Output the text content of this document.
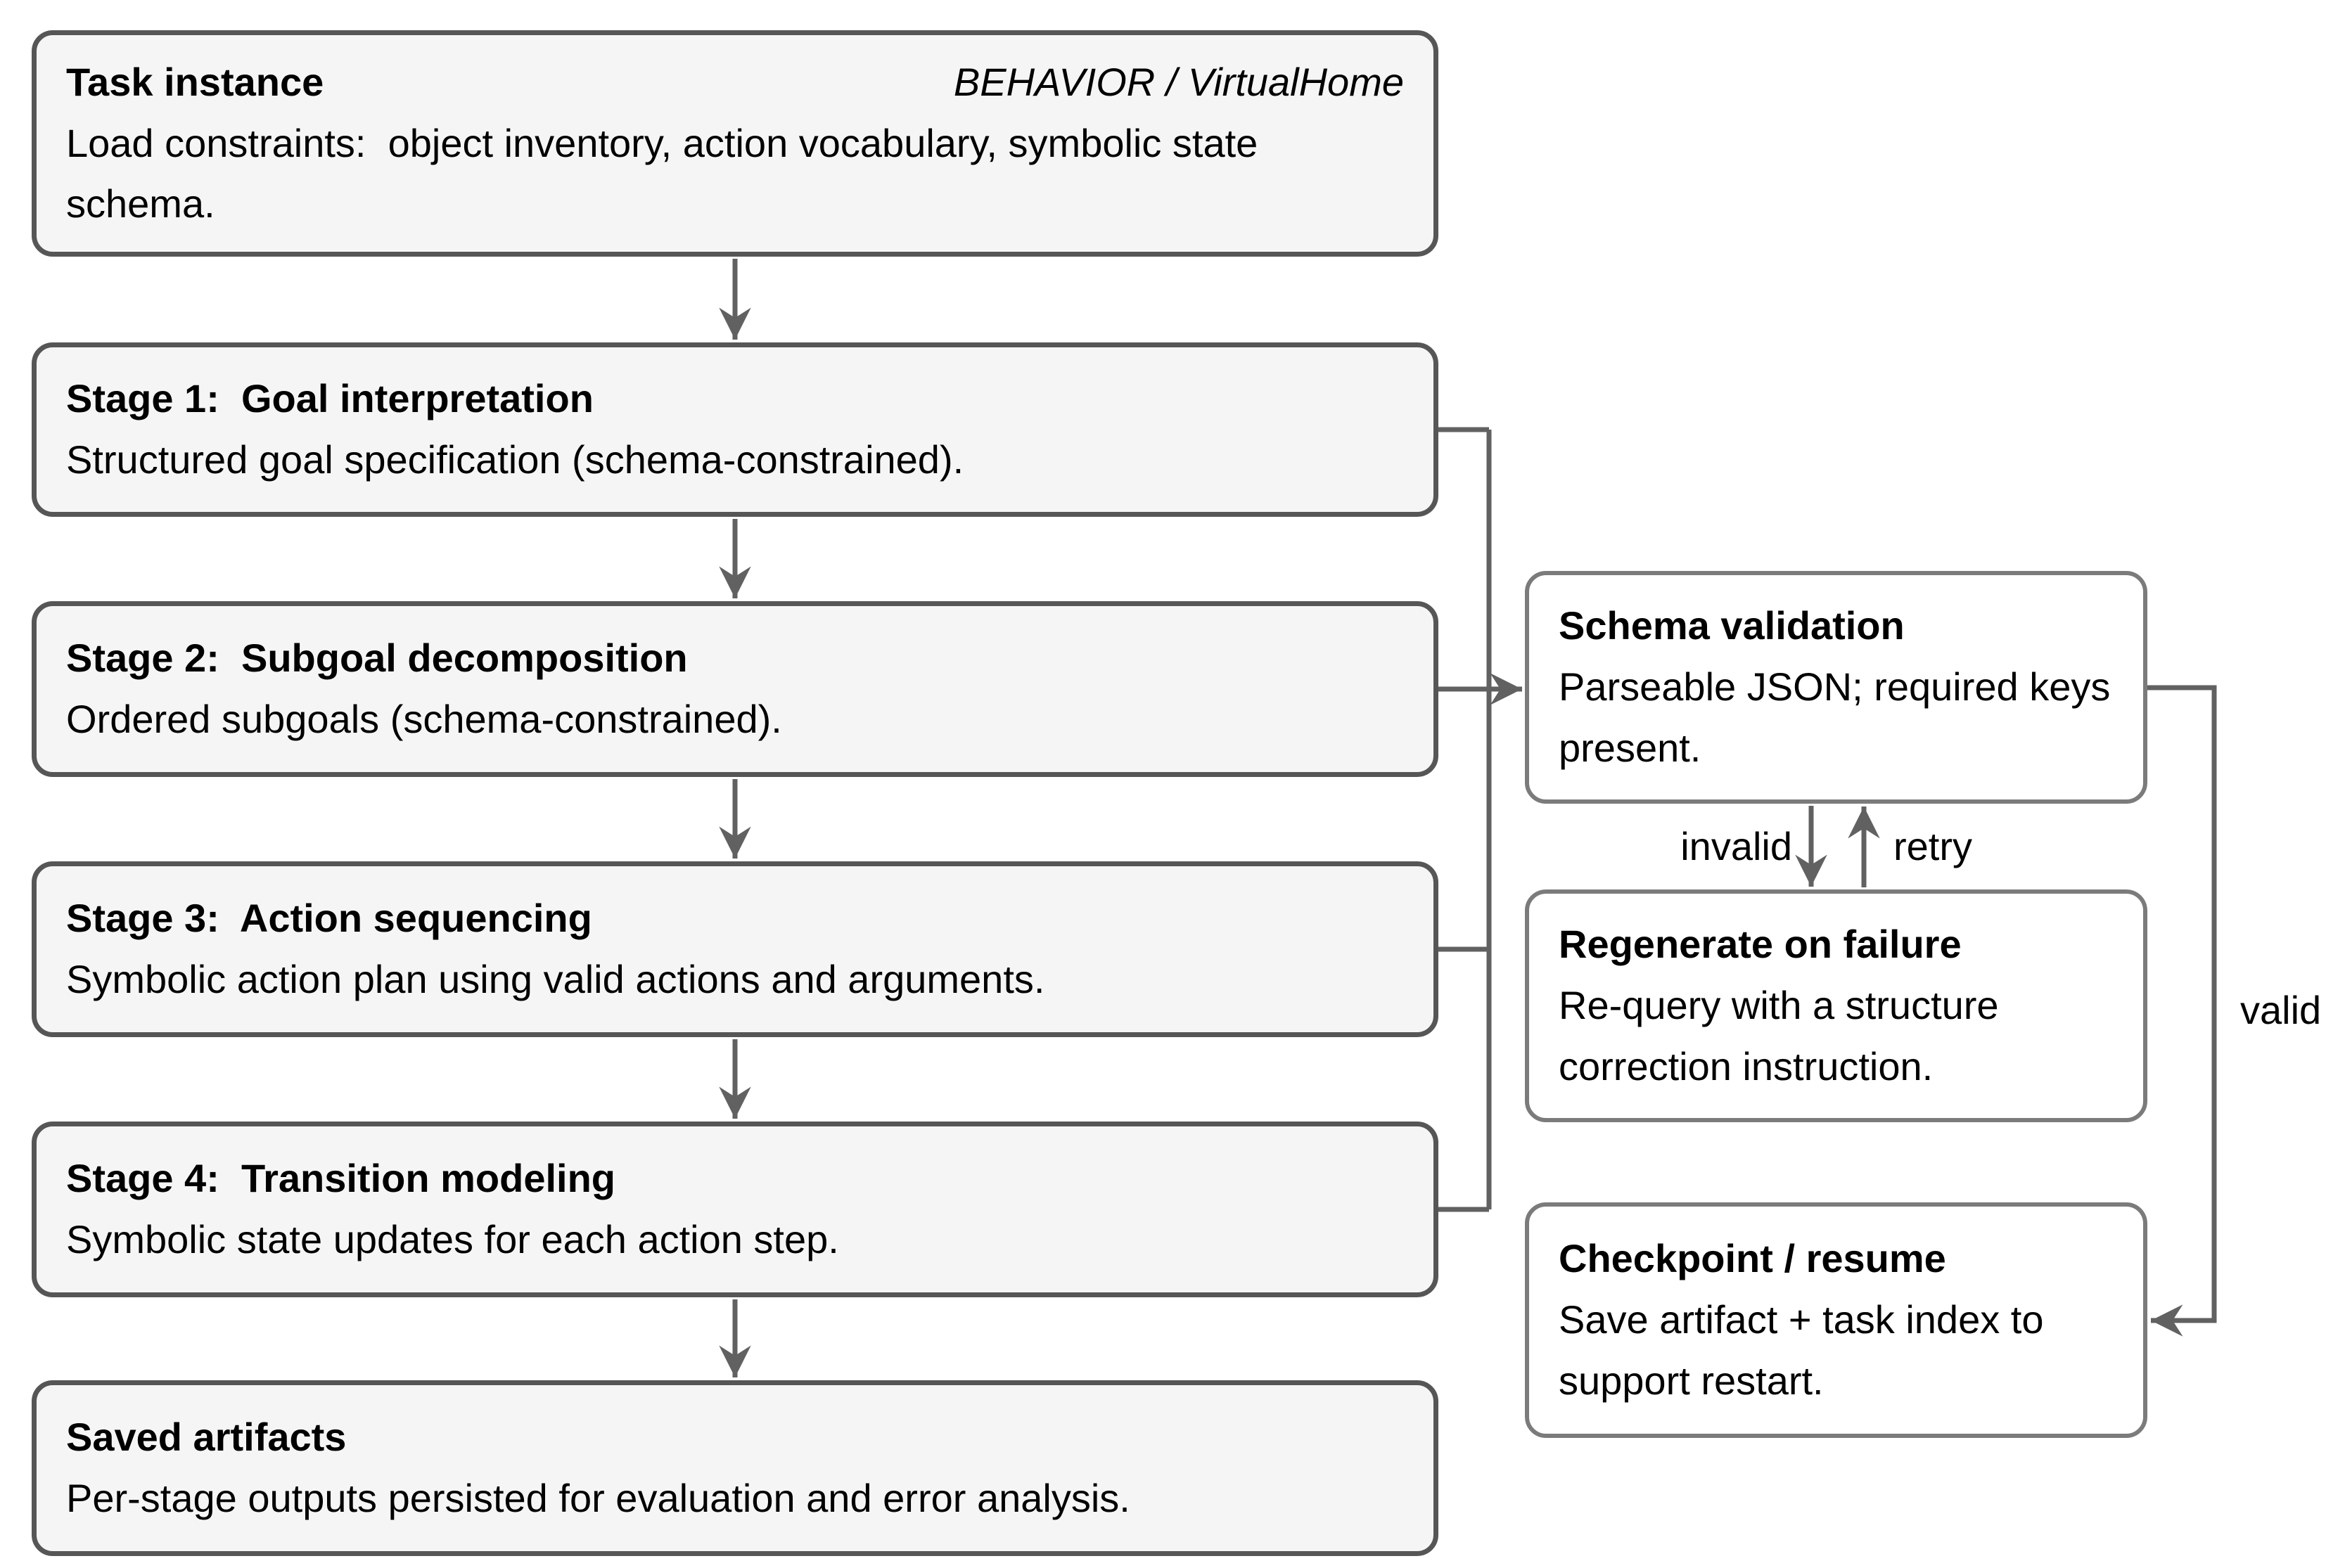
Task instance	BEHAVIOR / VirtualHome
Load constraints:  object inventory, action vocabulary, symbolic state schema.
Stage 1:  Goal interpretation
Structured goal specification (schema-constrained).
Stage 2:  Subgoal decomposition
Ordered subgoals (schema-constrained).
Stage 3:  Action sequencing
Symbolic action plan using valid actions and arguments.
Stage 4:  Transition modeling
Symbolic state updates for each action step.
Saved artifacts
Per-stage outputs persisted for evaluation and error analysis.
Schema validation
Parseable JSON; required keys present.
Regenerate on failure
Re-query with a structure correction instruction.
Checkpoint / resume
Save artifact + task index to support restart.
invalid	retry
valid
